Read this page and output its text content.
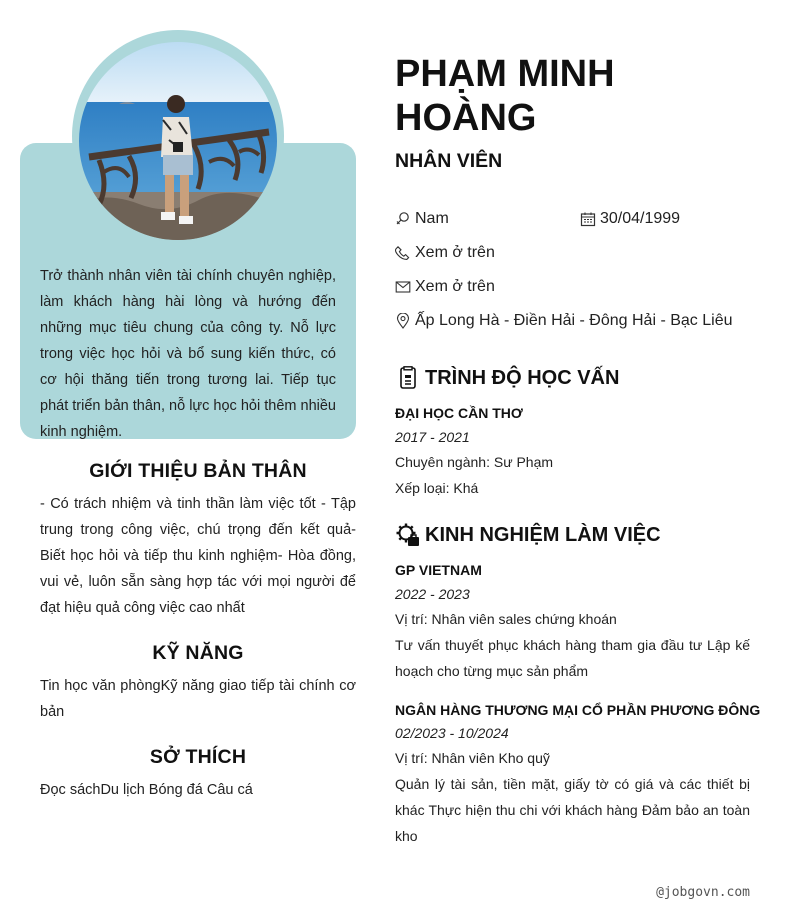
Trở thành nhân viên tài chính chuyên nghiệp, làm khách hàng hài lòng và hướng đến những mục tiêu chung của công ty. Nỗ lực trong việc học hỏi và bổ sung kiến thức, có cơ hội thăng tiến trong tương lai. Tiếp tục phát triển bản thân, nỗ lực học hỏi thêm nhiều kinh nghiệm.
GIỚI THIỆU BẢN THÂN
- Có trách nhiệm và tinh thần làm việc tốt - Tập trung trong công việc, chú trọng đến kết quả- Biết học hỏi và tiếp thu kinh nghiệm- Hòa đồng, vui vẻ, luôn sẵn sàng hợp tác với mọi người để đạt hiệu quả công việc cao nhất
KỸ NĂNG
Tin học văn phòngKỹ năng giao tiếp tài chính cơ bản
SỞ THÍCH
Đọc sáchDu lịch Bóng đá Câu cá
PHẠM MINH HOÀNG
NHÂN VIÊN
Nam	30/04/1999
Xem ở trên
Xem ở trên
Ấp Long Hà - Điền Hải - Đông Hải - Bạc Liêu
TRÌNH ĐỘ HỌC VẤN
ĐẠI HỌC CẦN THƠ
2017 - 2021
Chuyên ngành: Sư Phạm
Xếp loại: Khá
KINH NGHIỆM LÀM VIỆC
GP VIETNAM
2022 - 2023
Vị trí: Nhân viên sales chứng khoán
Tư vấn thuyết phục khách hàng tham gia đầu tư Lập kế hoạch cho từng mục sản phẩm
NGÂN HÀNG THƯƠNG MẠI CỔ PHẦN PHƯƠNG ĐÔNG
02/2023 - 10/2024
Vị trí: Nhân viên Kho quỹ
Quản lý tài sản, tiền mặt, giấy tờ có giá và các thiết bị khác Thực hiện thu chi với khách hàng Đảm bảo an toàn kho
@jobgovn.com
